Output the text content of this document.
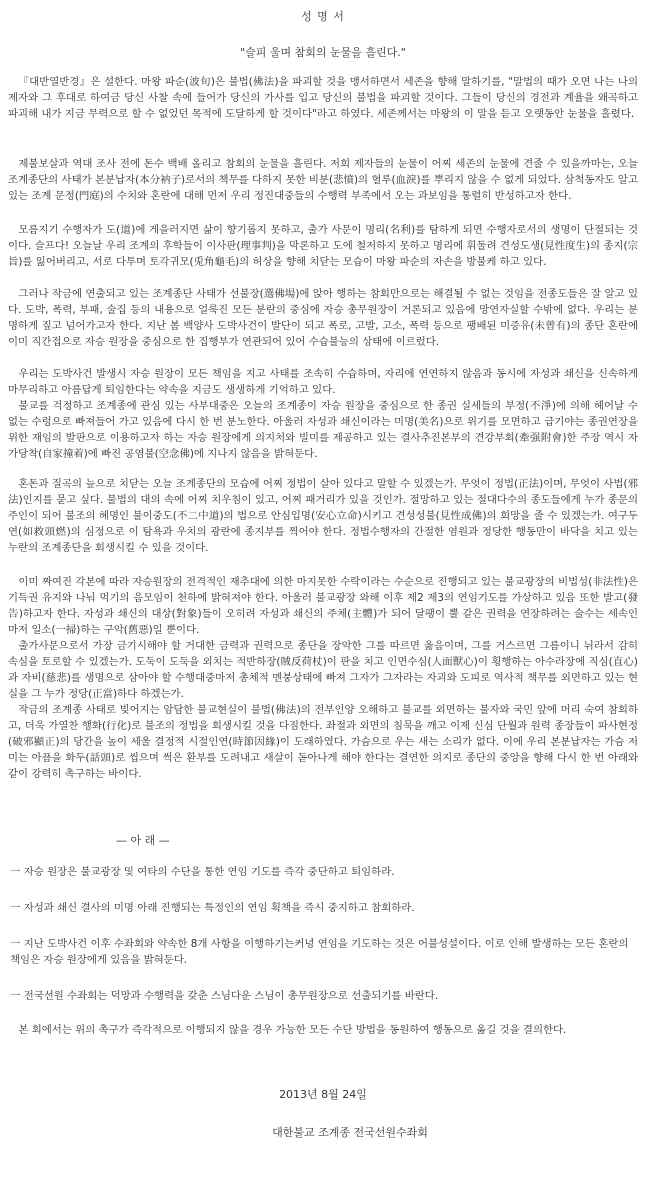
성 명 서
"슬피 울며 참회의 눈물을 흘린다."

『대반열반경』은 설한다. 마왕 파순(波旬)은 불법(佛法)을 파괴할 것을 맹서하면서 세존을 향해 말하기를, "말법의 때가 오면 나는 나의 제자와 그 후대로 하여금 당신 사찰 속에 들어가 당신의 가사를 입고 당신의 불법을 파괴할 것이다. 그들이 당신의 경전과 계율을 왜곡하고 파괴해 내가 지금 무력으로 할 수 없었던 목적에 도달하게 할 것이다"라고 하였다. 세존께서는 마왕의 이 말을 듣고 오랫동안 눈물을 흘렸다.

제불보살과 역대 조사 전에 돈수 백배 올리고 참회의 눈물을 흘린다. 저희 제자들의 눈물이 어찌 세존의 눈물에 견줄 수 있을까마는, 오늘 조계종단의 사태가 본분납자(本分衲子)로서의 책무를 다하지 못한 비분(悲憤)의 혈루(血淚)를 뿌리지 않을 수 없게 되었다. 삼척동자도 알고 있는 조계 문정(門庭)의 수치와 혼란에 대해 먼저 우리 정진대중들의 수행력 부족에서 오는 과보임을 통렬히 반성하고자 한다.

모름지기 수행자가 도(道)에 게을러지면 삶이 향기롭지 못하고, 출가 사문이 명리(名利)를 탐하게 되면 수행자로서의 생명이 단절되는 것이다. 슬프다! 오늘날 우리 조계의 후학들이 이사판(理事判)을 막론하고 도에 철저하지 못하고 명리에 휘둘려 견성도생(見性度生)의 종지(宗旨)를 잃어버리고, 서로 다투며 토각귀모(兎角龜毛)의 허상을 향해 치닫는 모습이 마왕 파순의 자손을 방불케 하고 있다.

그러나 작금에 연출되고 있는 조계종단 사태가 선불장(選佛場)에 앉아 행하는 참회만으로는 해결될 수 없는 것임을 전종도들은 잘 알고 있다. 도박, 폭력, 부패, 술집 등의 내용으로 얼룩진 모든 분란의 중심에 자승 총무원장이 거론되고 있음에 망연자실할 수밖에 없다. 우리는 분명하게 짚고 넘어가고자 한다. 지난 봄 백양사 도박사건이 발단이 되고 폭로, 고발, 고소, 폭력 등으로 팽배된 미증유(未曾有)의 종단 혼란에 이미 직간접으로 자승 원장을 중심으로 한 집행부가 연관되어 있어 수습불능의 상태에 이르렀다.

우리는 도박사건 발생시 자승 원장이 모든 책임을 지고 사태를 조속히 수습하며, 자리에 연연하지 않음과 동시에 자성과 쇄신을 신속하게 마무리하고 아름답게 퇴임한다는 약속을 지금도 생생하게 기억하고 있다.

불교를 걱정하고 조계종에 관심 있는 사부대중은 오늘의 조계종이 자승 원장을 중심으로 한 종권 실세들의 부정(不淨)에 의해 헤어날 수 없는 수렁으로 빠져들어 가고 있음에 다시 한 번 분노한다. 아울러 자성과 쇄신이라는 미명(美名)으로 위기를 모면하고 급기야는 종권연장을 위한 재임의 발판으로 이용하고자 하는 자승 원장에게 의지처와 빌미를 제공하고 있는 결사추진본부의 견강부회(牽强附會)한 주장 역시 자가당착(自家撞着)에 빠진 공염불(空念佛)에 지나지 않음을 밝혀둔다.

혼돈과 질곡의 늪으로 치닫는 오늘 조계종단의 모습에 어찌 정법이 살아 있다고 말할 수 있겠는가. 무엇이 정법(正法)이며, 무엇이 사법(邪法)인지를 묻고 싶다. 불법의 대의 속에 어찌 치우침이 있고, 어찌 패거리가 있을 것인가. 절망하고 있는 절대다수의 종도들에게 누가 종문의 주인이 되어 불조의 혜명인 불이중도(不二中道)의 법으로 안심입명(安心立命)시키고 견성성불(見性成佛)의 희망을 줄 수 있겠는가. 여구두연(如救頭燃)의 심정으로 이 탐욕과 우치의 광란에 종지부를 찍어야 한다. 정법수행자의 간절한 염원과 정당한 행동만이 바닥을 치고 있는 누란의 조계종단을 회생시킬 수 있을 것이다.

이미 짜여진 각본에 따라 자승원장의 전격적인 재추대에 의한 마지못한 수락이라는 수순으로 진행되고 있는 불교광장의 비법성(非法性)은 기득권 유지와 나눠 먹기의 음모임이 천하에 밝혀져야 한다. 아울러 불교광장 와해 이후 제2 제3의 연임기도를 가상하고 있음 또한 발고(發告)하고자 한다. 자성과 쇄신의 대상(對象)들이 오히려 자성과 쇄신의 주체(主體)가 되어 달팽이 뿔 같은 권력을 연장하려는 술수는 세속인마저 일소(一掃)하는 구악(舊惡)일 뿐이다.

출가사문으로서 가장 금기시해야 할 거대한 금력과 권력으로 종단을 장악한 그를 따르면 옳음이며, 그를 거스르면 그름이니 뉘라서 감히 속심을 토로할 수 있겠는가. 도둑이 도둑을 외치는 적반하장(賊反荷杖)이 판을 치고 인면수심(人面獸心)이 횡행하는 아수라장에 직심(直心)과 자비(慈悲)를 생명으로 삼아야 할 수행대중마저 총체적 멘붕상태에 빠져 그자가 그자라는 자괴와 도피로 역사적 책무를 외면하고 있는 현실을 그 누가 정당(正當)하다 하겠는가.

작금의 조계종 사태로 빚어지는 암담한 불교현실이 불법(佛法)의 전부인양 오해하고 불교를 외면하는 불자와 국민 앞에 머리 숙여 참회하고, 더욱 가열찬 행화(行化)로 불조의 정법을 회생시킬 것을 다짐한다. 좌절과 외면의 침묵을 깨고 이제 신심 단월과 원력 종장들이 파사현정(破邪顯正)의 당간을 높이 세울 결정적 시절인연(時節因緣)이 도래하였다. 가슴으로 우는 새는 소리가 없다. 이에 우리 본분납자는 가슴 저미는 아픔을 화두(話頭)로 씹으며 썩은 환부를 도려내고 새살이 돋아나게 해야 한다는 결연한 의지로 종단의 중앙을 향해 다시 한 번 아래와 같이 강력히 촉구하는 바이다.

— 아 래 —

一 자승 원장은 불교광장 및 여타의 수단을 통한 연임 기도를 즉각 중단하고 퇴임하라.

一 자성과 쇄신 결사의 미명 아래 진행되는 특정인의 연임 획책을 즉시 중지하고 참회하라.

一 지난 도박사건 이후 수좌회와 약속한 8개 사항을 이행하기는커녕 연임을 기도하는 것은 어불성설이다. 이로 인해 발생하는 모든 혼란의 책임은 자승 원장에게 있음을 밝혀둔다.

一 전국선원 수좌회는 덕망과 수행력을 갖춘 스님다운 스님이 총무원장으로 선출되기를 바란다.

본 회에서는 위의 촉구가 즉각적으로 이행되지 않을 경우 가능한 모든 수단 방법을 동원하여 행동으로 옮길 것을 결의한다.

2013년 8월 24일
대한불교 조계종 전국선원수좌회
